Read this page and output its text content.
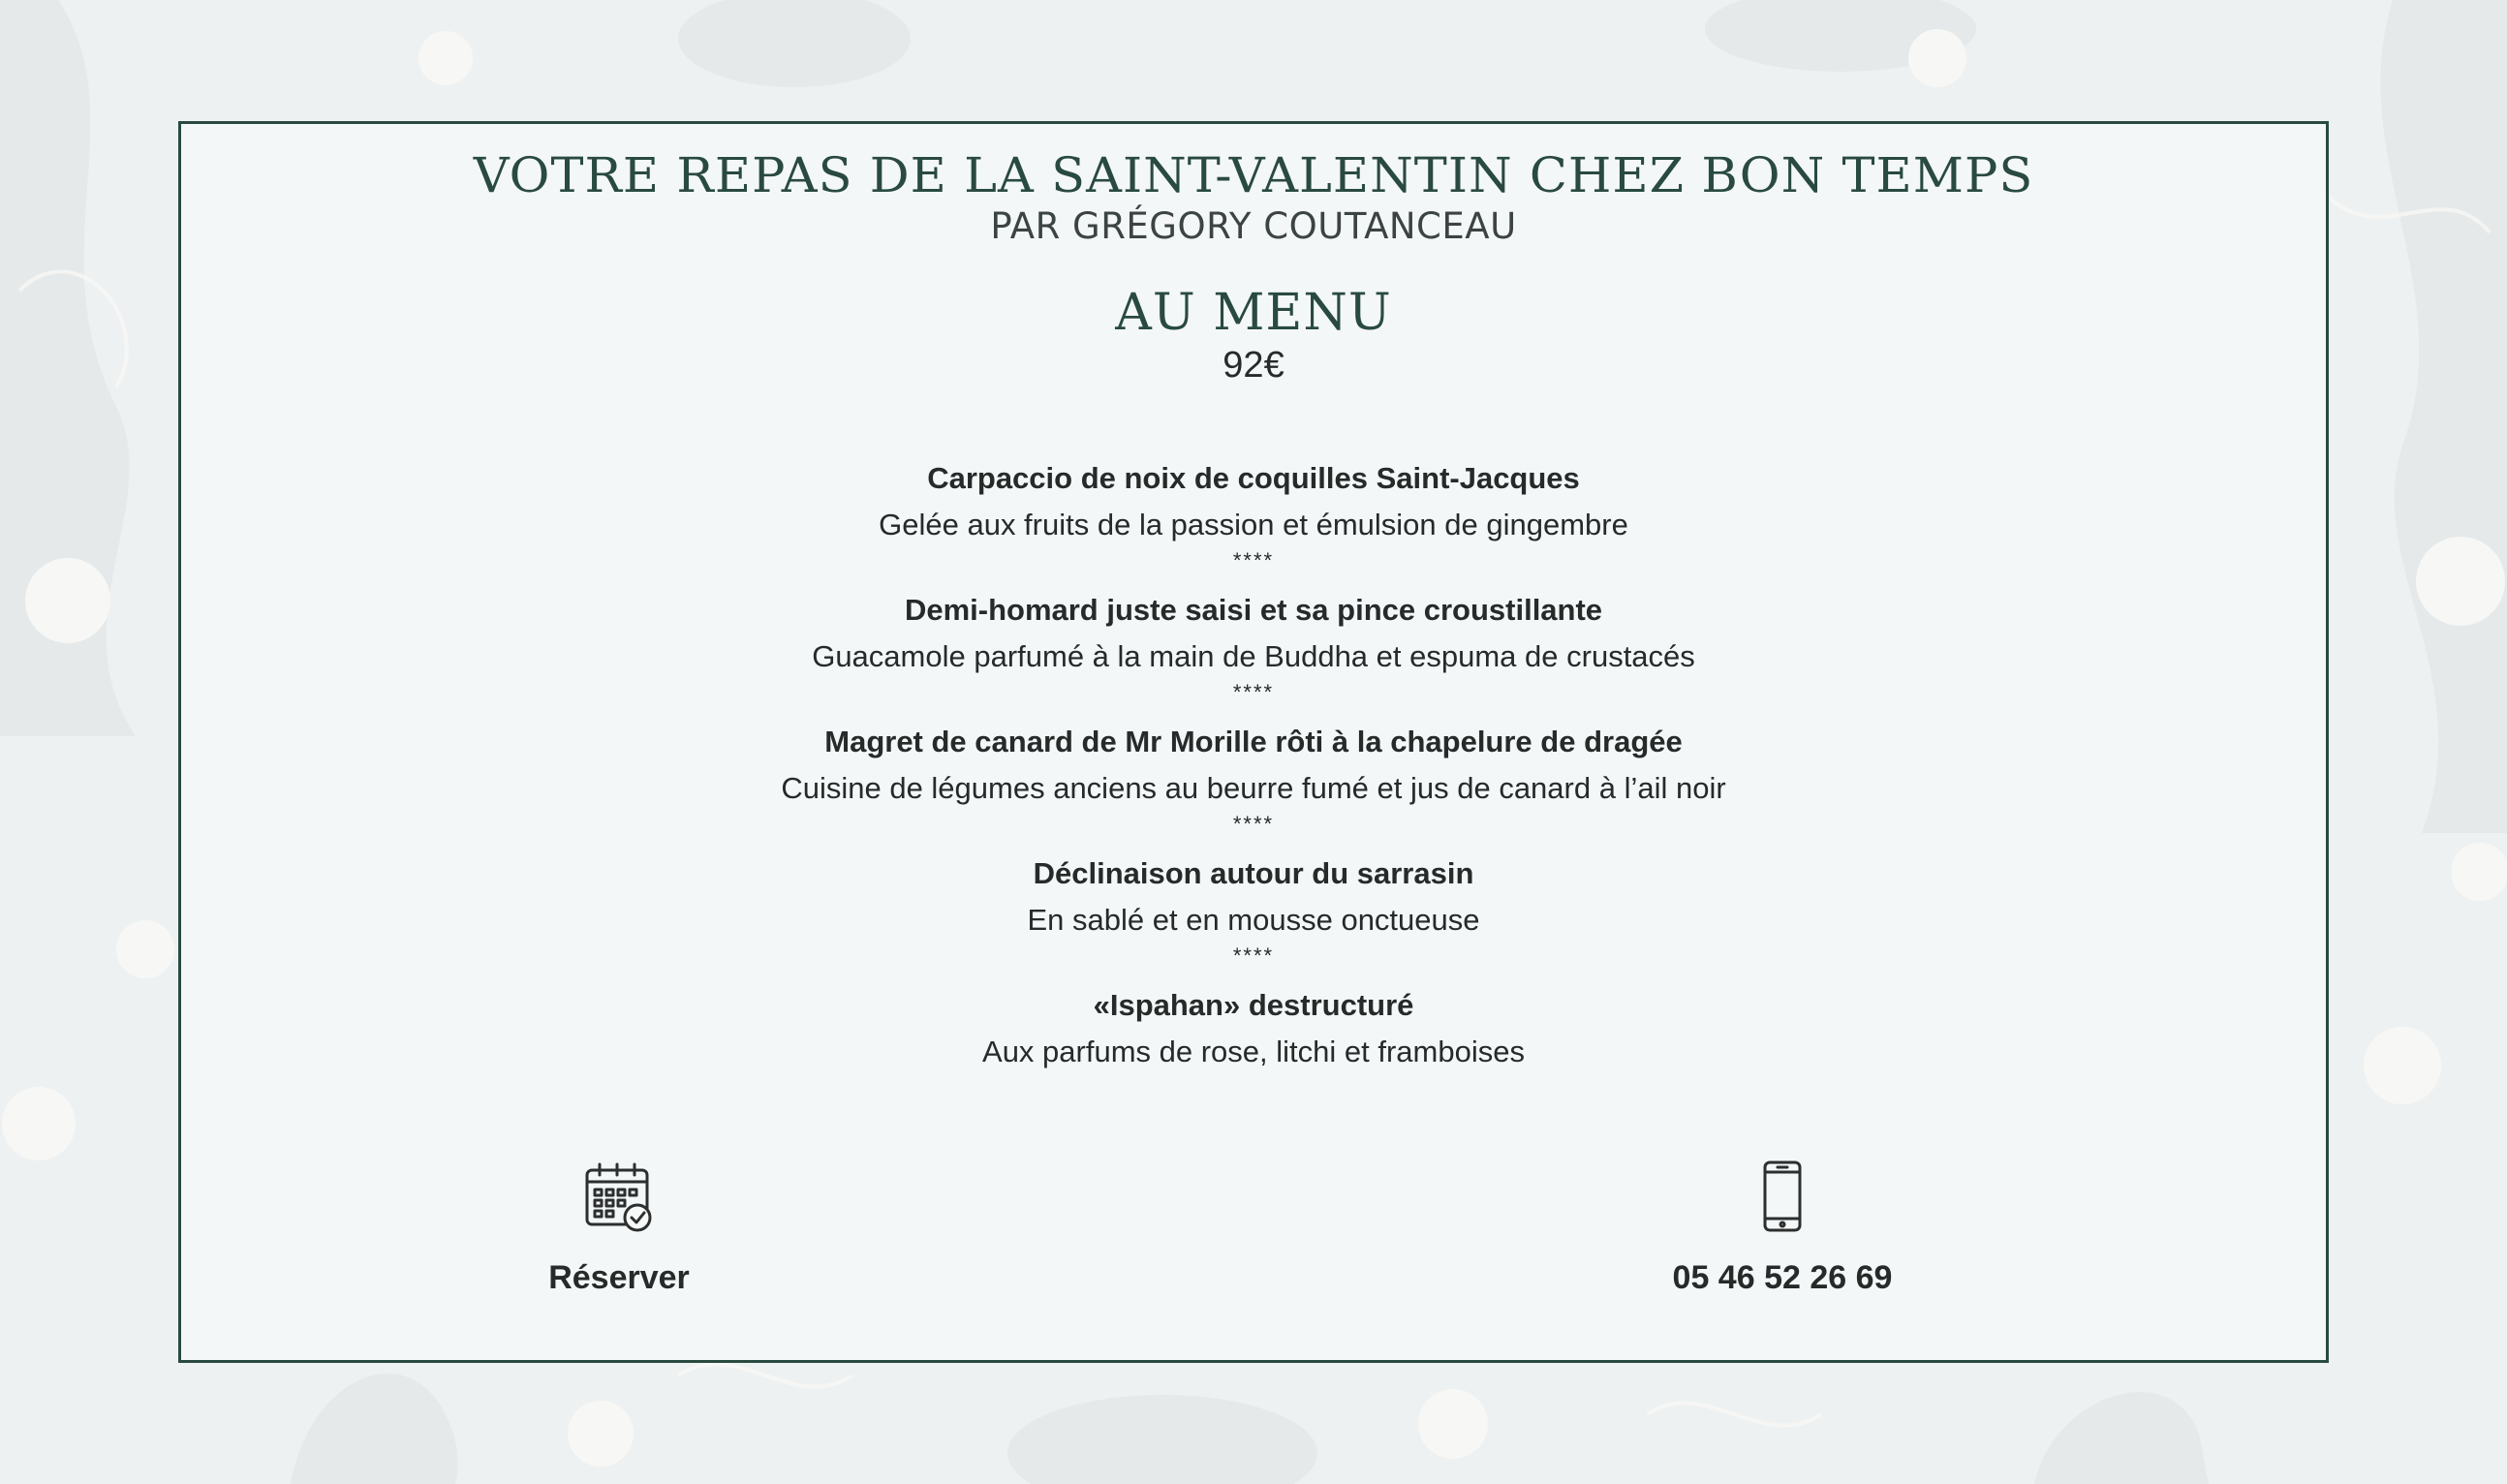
VOTRE REPAS DE LA SAINT-VALENTIN CHEZ BON TEMPS

PAR GRÉGORY COUTANCEAU

AU MENU

92€

Carpaccio de noix de coquilles Saint-Jacques
Gelée aux fruits de la passion et émulsion de gingembre
****
Demi-homard juste saisi et sa pince croustillante
Guacamole parfumé à la main de Buddha et espuma de crustacés
****
Magret de canard de Mr Morille rôti à la chapelure de dragée
Cuisine de légumes anciens au beurre fumé et jus de canard à l’ail noir
****
Déclinaison autour du sarrasin
En sablé et en mousse onctueuse
****
«Ispahan» destructuré
Aux parfums de rose, litchi et framboises
Réserver	05 46 52 26 69
